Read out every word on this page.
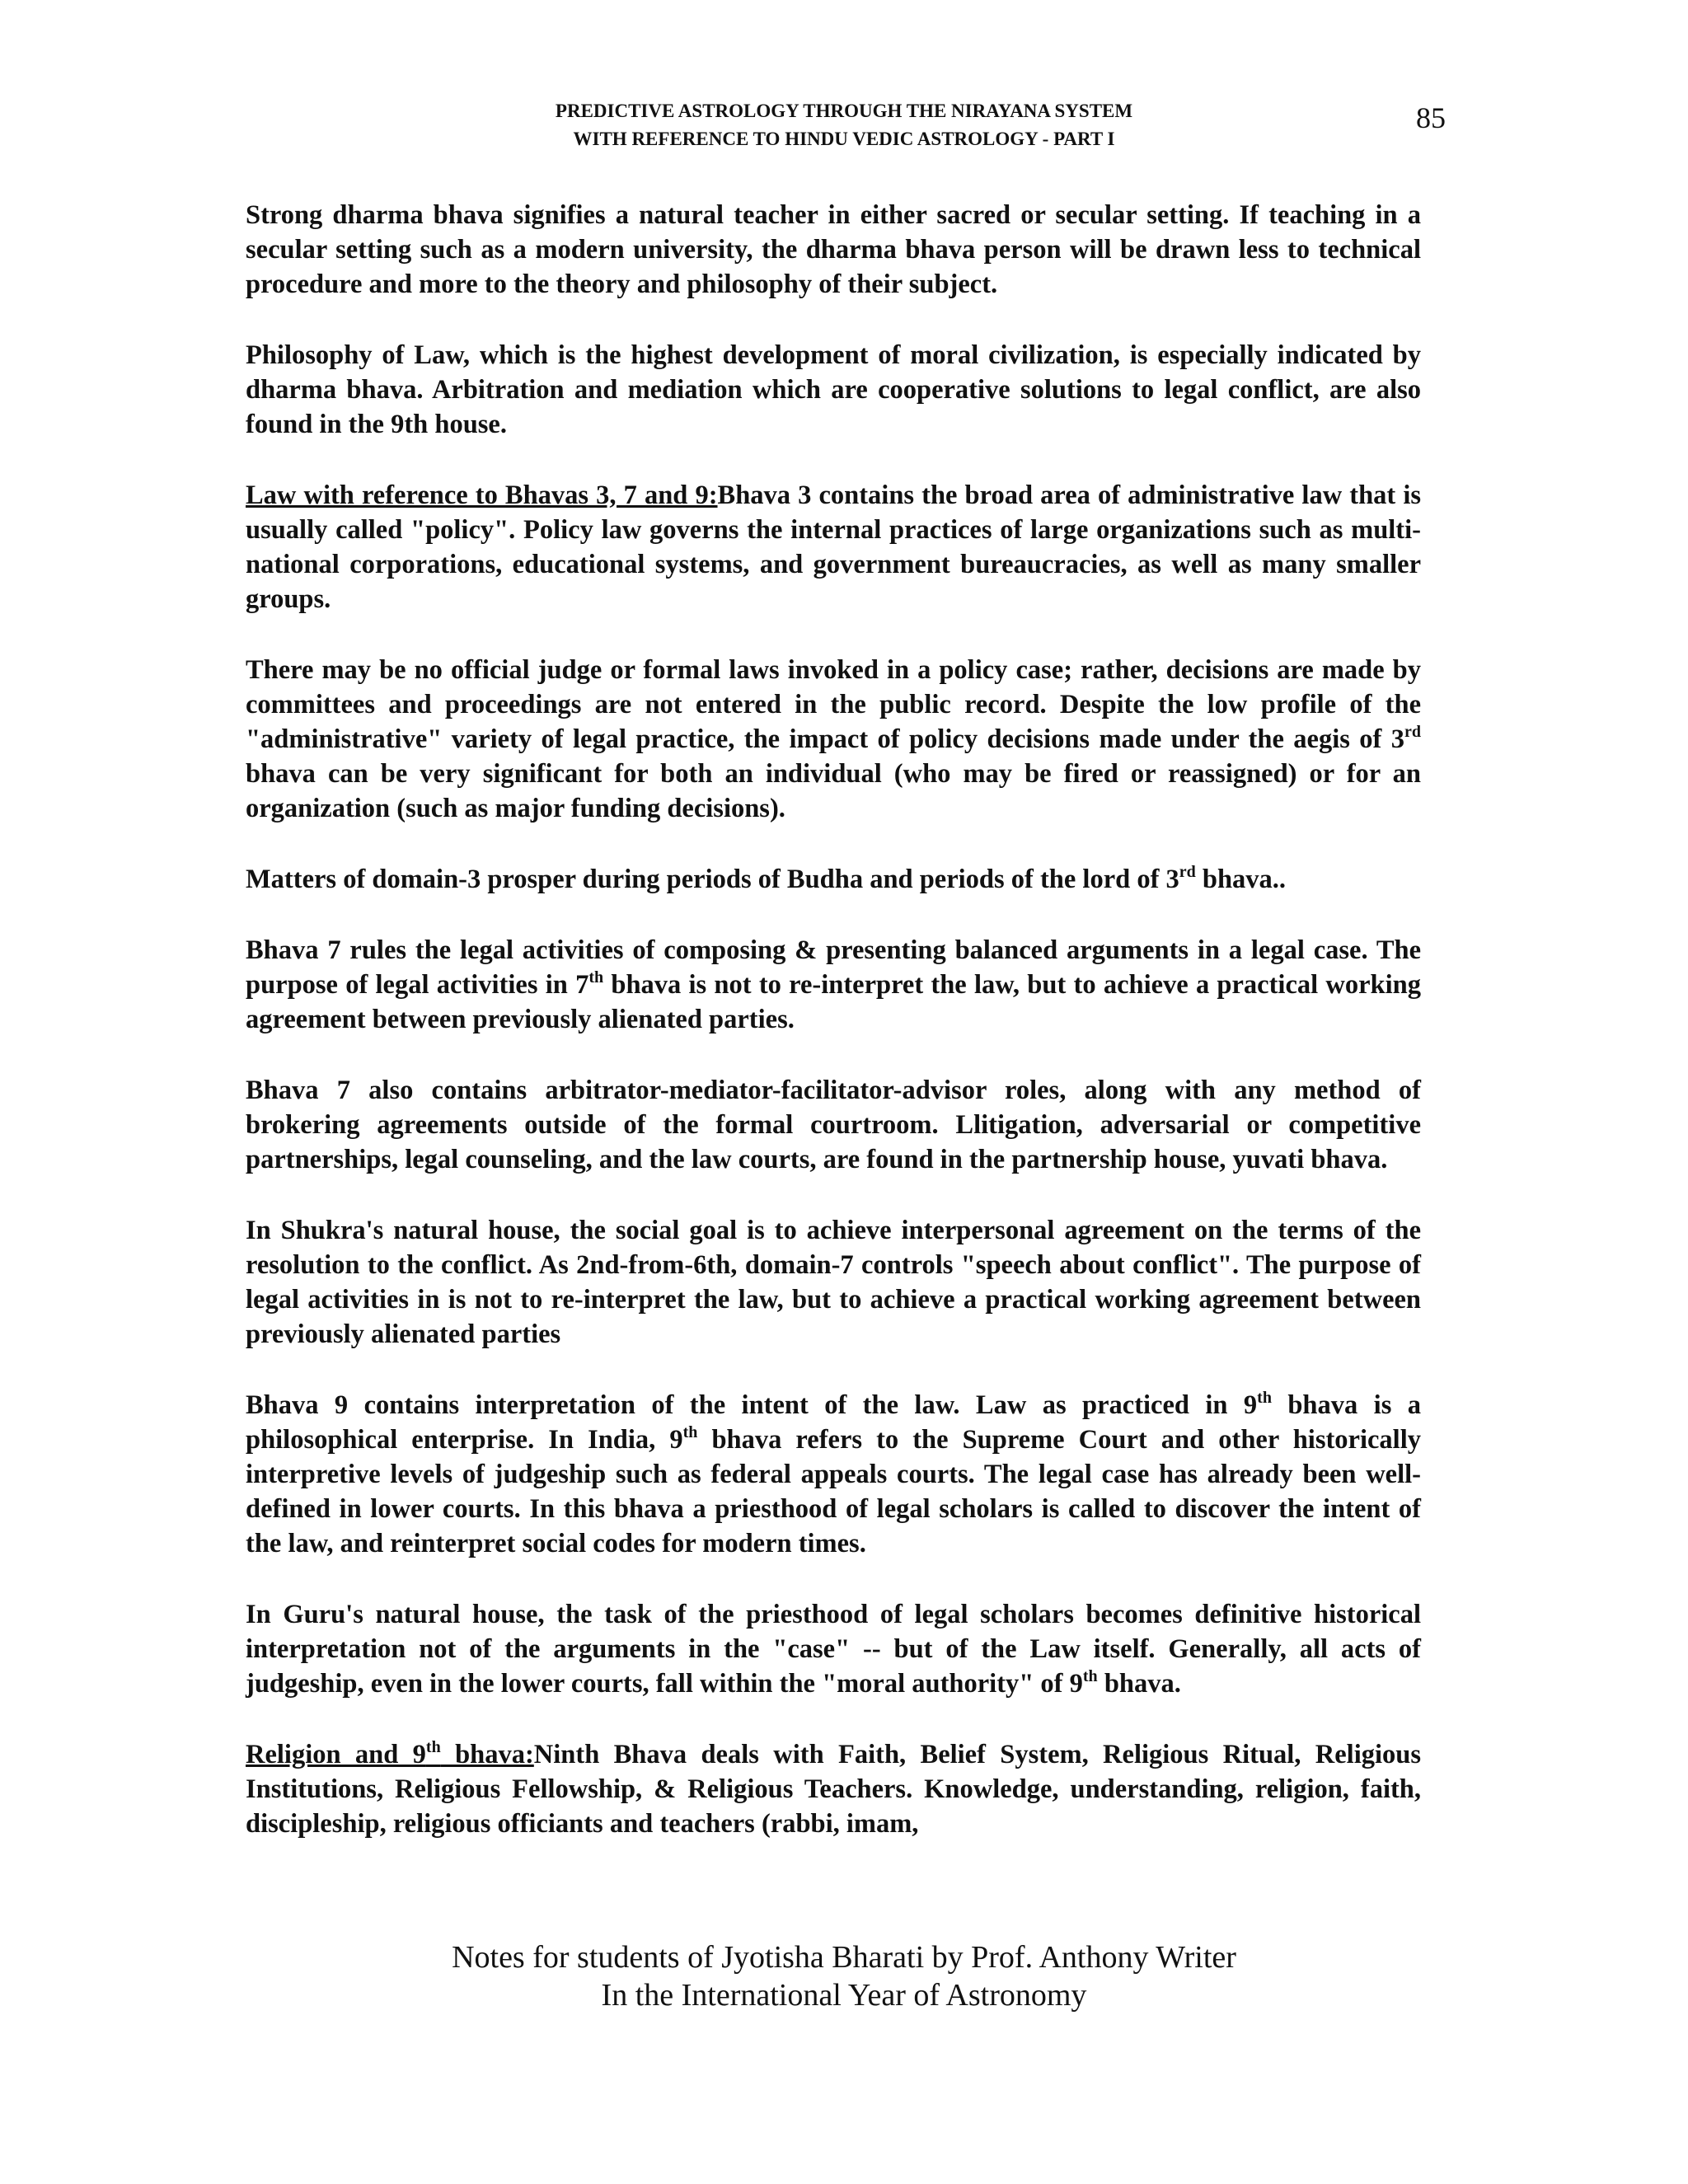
PREDICTIVE ASTROLOGY THROUGH THE NIRAYANA SYSTEM
WITH REFERENCE TO HINDU VEDIC ASTROLOGY - PART I
85

Strong dharma bhava signifies a natural teacher in either sacred or secular setting. If teaching in a secular setting such as a modern university, the dharma bhava person will be drawn less to technical procedure and more to the theory and philosophy of their subject.

Philosophy of Law, which is the highest development of moral civilization, is especially indicated by dharma bhava. Arbitration and mediation which are cooperative solutions to legal conflict, are also found in the 9th house.

Law with reference to Bhavas 3, 7 and 9:Bhava 3 contains the broad area of administrative law that is usually called "policy". Policy law governs the internal practices of large organizations such as multi-national corporations, educational systems, and government bureaucracies, as well as many smaller groups.

There may be no official judge or formal laws invoked in a policy case; rather, decisions are made by committees and proceedings are not entered in the public record. Despite the low profile of the "administrative" variety of legal practice, the impact of policy decisions made under the aegis of 3rd bhava can be very significant for both an individual (who may be fired or reassigned) or for an organization (such as major funding decisions).

Matters of domain-3 prosper during periods of Budha and periods of the lord of 3rd bhava..

Bhava 7 rules the legal activities of composing & presenting balanced arguments in a legal case. The purpose of legal activities in 7th bhava is not to re-interpret the law, but to achieve a practical working agreement between previously alienated parties.

Bhava 7 also contains arbitrator-mediator-facilitator-advisor roles, along with any method of brokering agreements outside of the formal courtroom. Llitigation, adversarial or competitive partnerships, legal counseling, and the law courts, are found in the partnership house, yuvati bhava.

In Shukra's natural house, the social goal is to achieve interpersonal agreement on the terms of the resolution to the conflict. As 2nd-from-6th, domain-7 controls "speech about conflict". The purpose of legal activities in is not to re-interpret the law, but to achieve a practical working agreement between previously alienated parties

Bhava 9 contains interpretation of the intent of the law. Law as practiced in 9th bhava is a philosophical enterprise. In India, 9th bhava refers to the Supreme Court and other historically interpretive levels of judgeship such as federal appeals courts. The legal case has already been well-defined in lower courts. In this bhava a priesthood of legal scholars is called to discover the intent of the law, and reinterpret social codes for modern times.

In Guru's natural house, the task of the priesthood of legal scholars becomes definitive historical interpretation not of the arguments in the "case" -- but of the Law itself. Generally, all acts of judgeship, even in the lower courts, fall within the "moral authority" of 9th bhava.

Religion and 9th bhava:Ninth Bhava deals with Faith, Belief System, Religious Ritual, Religious Institutions, Religious Fellowship, & Religious Teachers. Knowledge, understanding, religion, faith, discipleship, religious officiants and teachers (rabbi, imam,

Notes for students of Jyotisha Bharati by Prof. Anthony Writer
In the International Year of Astronomy
